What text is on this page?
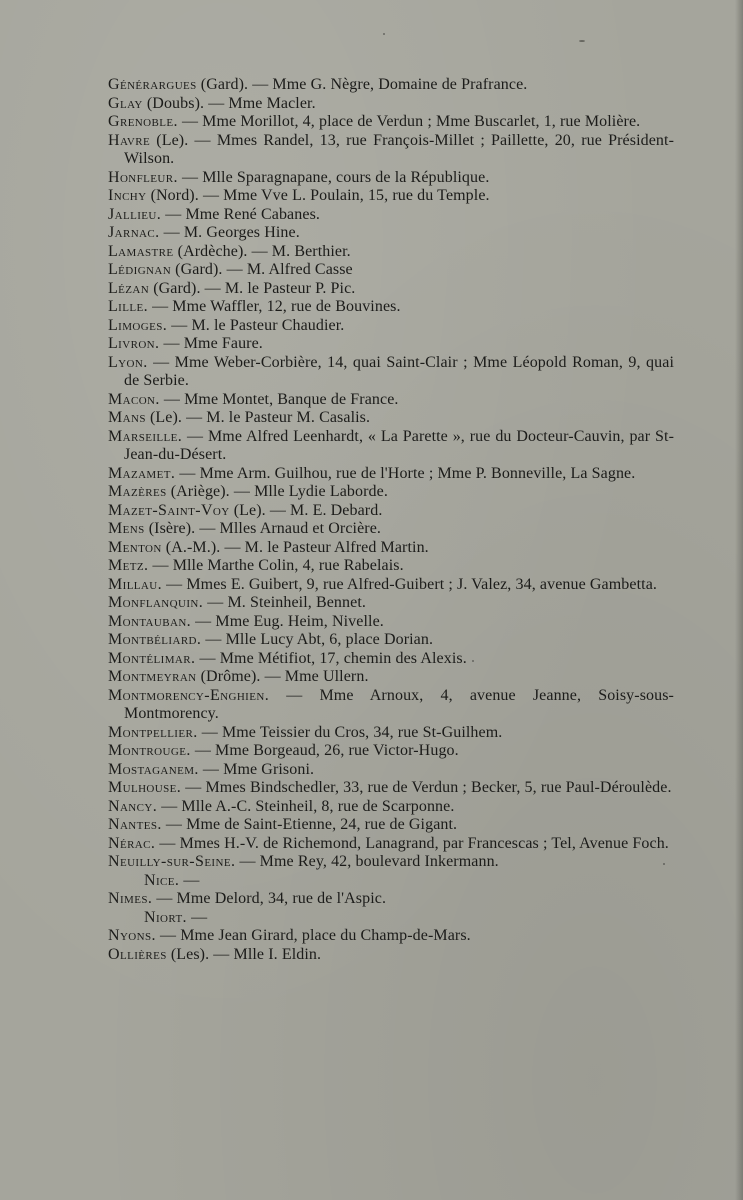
Générargues (Gard). — Mme G. Nègre, Domaine de Prafrance.
Glay (Doubs). — Mme Macler.
Grenoble. — Mme Morillot, 4, place de Verdun ; Mme Buscarlet, 1, rue Molière.
Havre (Le). — Mmes Randel, 13, rue François-Millet ; Paillette, 20, rue Président-Wilson.
Honfleur. — Mlle Sparagnapane, cours de la République.
Inchy (Nord). — Mme Vve L. Poulain, 15, rue du Temple.
Jallieu. — Mme René Cabanes.
Jarnac. — M. Georges Hine.
Lamastre (Ardèche). — M. Berthier.
Lédignan (Gard). — M. Alfred Casse
Lézan (Gard). — M. le Pasteur P. Pic.
Lille. — Mme Waffler, 12, rue de Bouvines.
Limoges. — M. le Pasteur Chaudier.
Livron. — Mme Faure.
Lyon. — Mme Weber-Corbière, 14, quai Saint-Clair ; Mme Léopold Roman, 9, quai de Serbie.
Macon. — Mme Montet, Banque de France.
Mans (Le). — M. le Pasteur M. Casalis.
Marseille. — Mme Alfred Leenhardt, « La Parette », rue du Docteur-Cauvin, par St-Jean-du-Désert.
Mazamet. — Mme Arm. Guilhou, rue de l'Horte ; Mme P. Bonneville, La Sagne.
Mazères (Ariège). — Mlle Lydie Laborde.
Mazet-Saint-Voy (Le). — M. E. Debard.
Mens (Isère). — Mlles Arnaud et Orcière.
Menton (A.-M.). — M. le Pasteur Alfred Martin.
Metz. — Mlle Marthe Colin, 4, rue Rabelais.
Millau. — Mmes E. Guibert, 9, rue Alfred-Guibert ; J. Valez, 34, avenue Gambetta.
Monflanquin. — M. Steinheil, Bennet.
Montauban. — Mme Eug. Heim, Nivelle.
Montbéliard. — Mlle Lucy Abt, 6, place Dorian.
Montélimar. — Mme Métifiot, 17, chemin des Alexis.
Montmeyran (Drôme). — Mme Ullern.
Montmorency-Enghien. — Mme Arnoux, 4, avenue Jeanne, Soisy-sous-Montmorency.
Montpellier. — Mme Teissier du Cros, 34, rue St-Guilhem.
Montrouge. — Mme Borgeaud, 26, rue Victor-Hugo.
Mostaganem. — Mme Grisoni.
Mulhouse. — Mmes Bindschedler, 33, rue de Verdun ; Becker, 5, rue Paul-Déroulède.
Nancy. — Mlle A.-C. Steinheil, 8, rue de Scarponne.
Nantes. — Mme de Saint-Etienne, 24, rue de Gigant.
Nérac. — Mmes H.-V. de Richemond, Lanagrand, par Francescas ; Tel, Avenue Foch.
Neuilly-sur-Seine. — Mme Rey, 42, boulevard Inkermann.
Nice. —
Nimes. — Mme Delord, 34, rue de l'Aspic.
Niort. —
Nyons. — Mme Jean Girard, place du Champ-de-Mars.
Ollières (Les). — Mlle I. Eldin.
